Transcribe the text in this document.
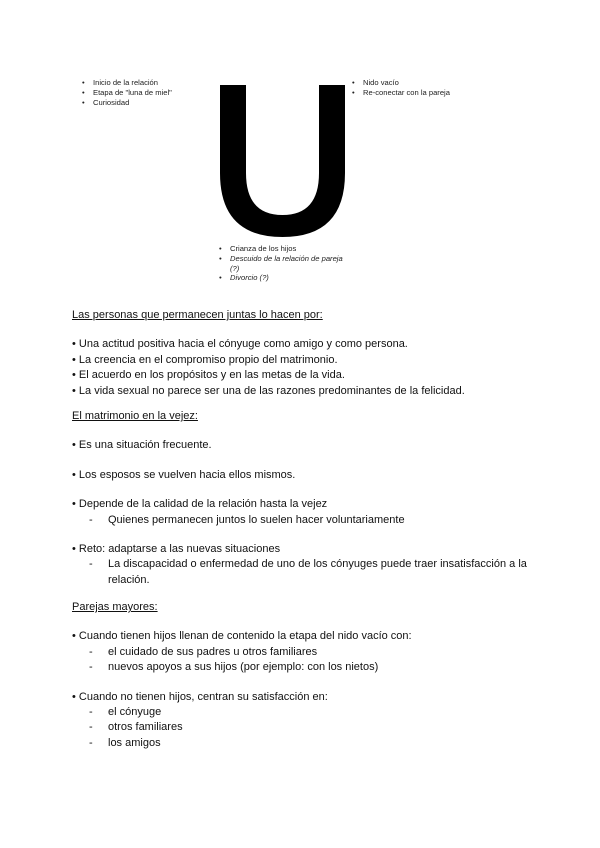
• Inicio de la relación
• Etapa de "luna de miel"
• Curiosidad
• Nido vacío
• Re-conectar con la pareja
• Crianza de los hijos
• Descuido de la relación de pareja (?)
• Divorcio (?)
Las personas que permanecen juntas lo hacen por:
• Una actitud positiva hacia el cónyuge como amigo y como persona.
• La creencia en el compromiso propio del matrimonio.
• El acuerdo en los propósitos y en las metas de la vida.
• La vida sexual no parece ser una de las razones predominantes de la felicidad.
El matrimonio en la vejez:
• Es una situación frecuente.
• Los esposos se vuelven hacia ellos mismos.
• Depende de la calidad de la relación hasta la vejez
-	Quienes permanecen juntos lo suelen hacer voluntariamente
• Reto: adaptarse a las nuevas situaciones
-	La discapacidad o enfermedad de uno de los cónyuges puede traer insatisfacción a la relación.
Parejas mayores:
• Cuando tienen hijos llenan de contenido la etapa del nido vacío con:
-	el cuidado de sus padres u otros familiares
-	nuevos apoyos a sus hijos (por ejemplo: con los nietos)
• Cuando no tienen hijos, centran su satisfacción en:
-	el cónyuge
-	otros familiares
-	los amigos
